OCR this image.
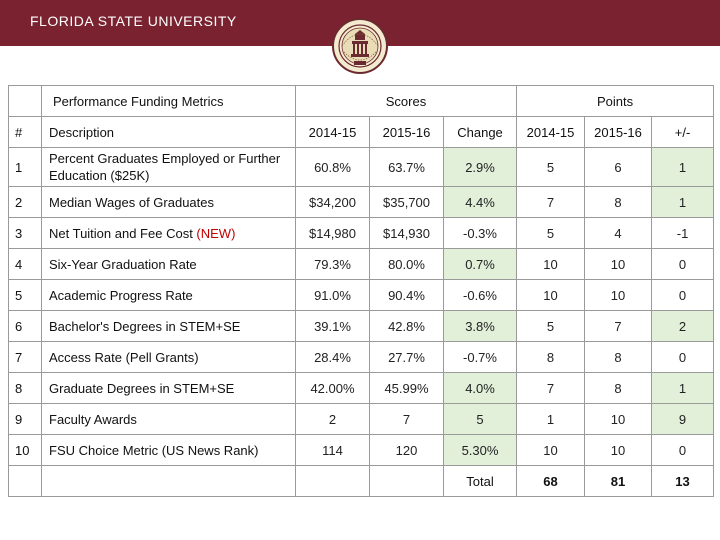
FLORIDA STATE UNIVERSITY
	Performance Funding Metrics	Scores			Points		
#	Description	2014-15	2015-16	Change	2014-15	2015-16	+/-
1	Percent Graduates Employed or Further Education ($25K)	60.8%	63.7%	2.9%	5	6	1
2	Median Wages of Graduates	$34,200	$35,700	4.4%	7	8	1
3	Net Tuition and Fee Cost (NEW)	$14,980	$14,930	-0.3%	5	4	-1
4	Six-Year Graduation Rate	79.3%	80.0%	0.7%	10	10	0
5	Academic Progress Rate	91.0%	90.4%	-0.6%	10	10	0
6	Bachelor's Degrees in STEM+SE	39.1%	42.8%	3.8%	5	7	2
7	Access Rate (Pell Grants)	28.4%	27.7%	-0.7%	8	8	0
8	Graduate Degrees in STEM+SE	42.00%	45.99%	4.0%	7	8	1
9	Faculty Awards	2	7	5	1	10	9
10	FSU Choice Metric (US News Rank)	114	120	5.30%	10	10	0
				Total	68	81	13
